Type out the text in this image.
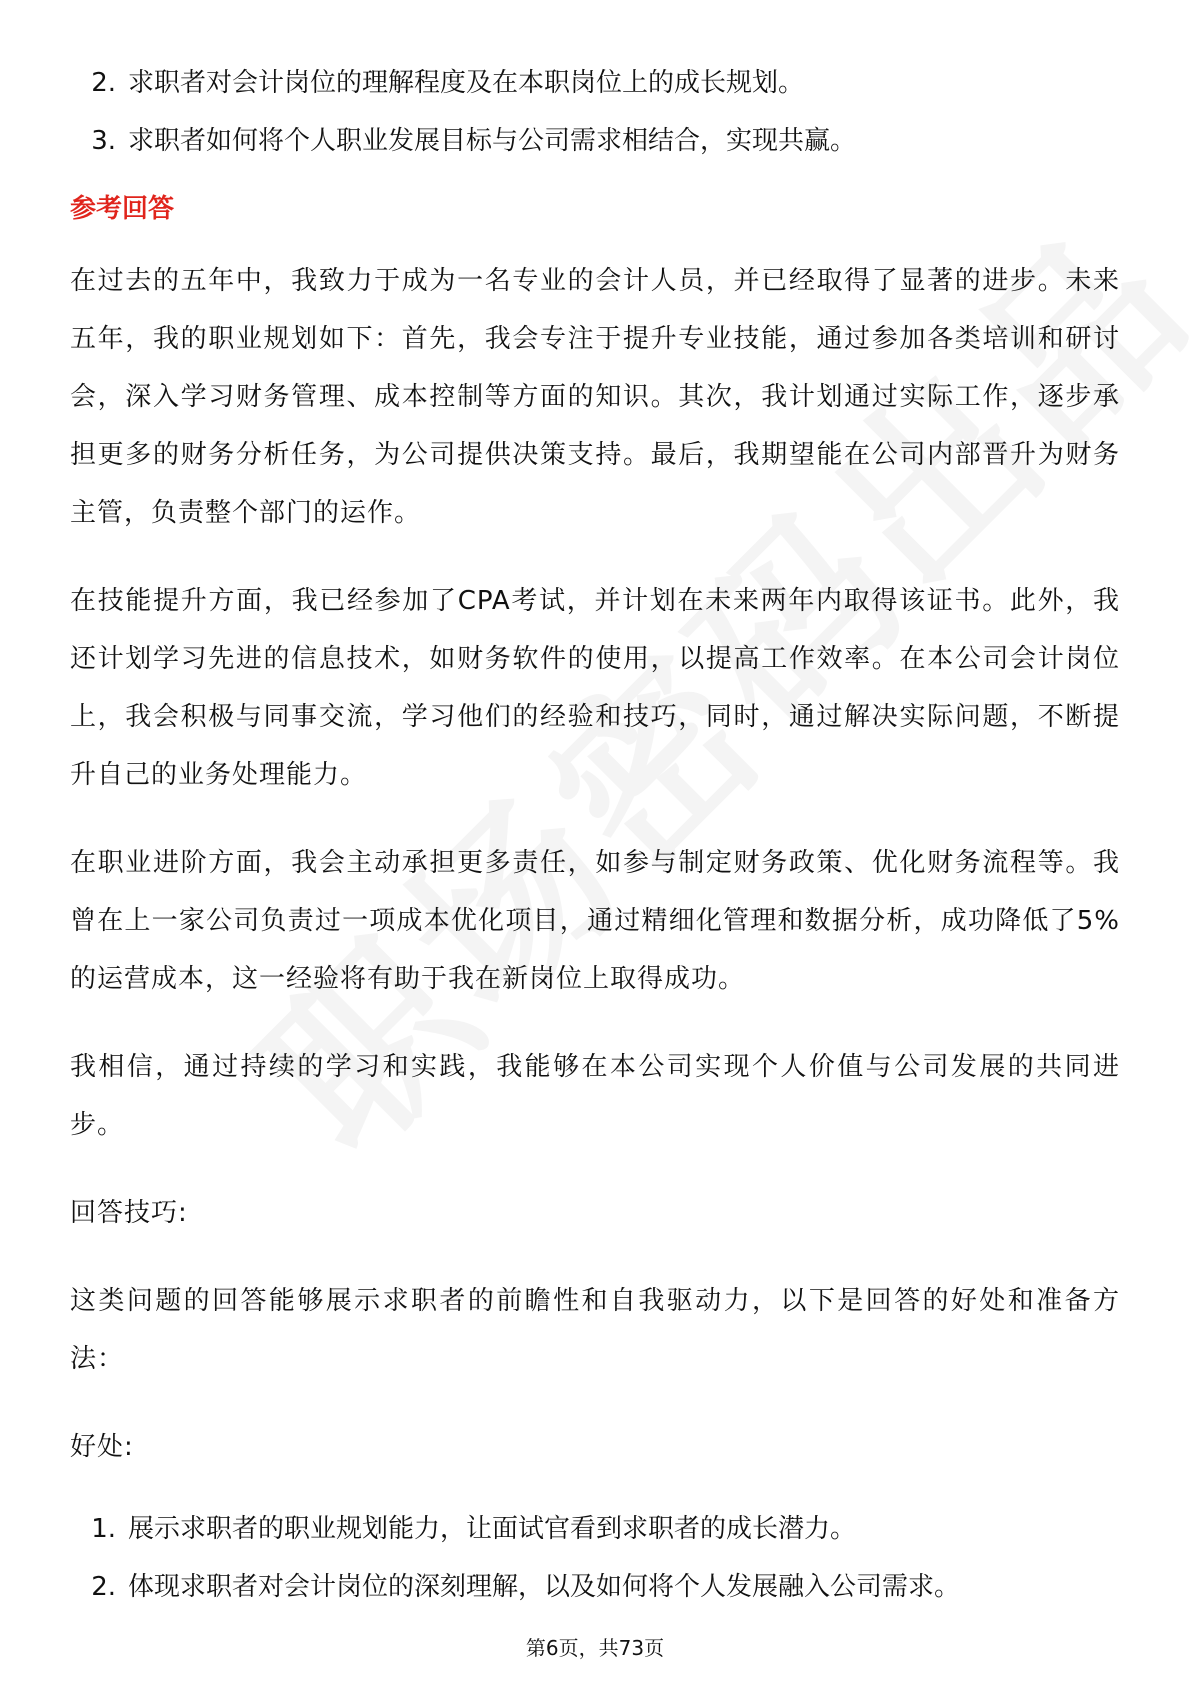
2. 求职者对会计岗位的理解程度及在本职岗位上的成长规划。
3. 求职者如何将个人职业发展目标与公司需求相结合，实现共赢。
参考回答

在过去的五年中，我致力于成为一名专业的会计人员，并已经取得了显著的进步。未来五年，我的职业规划如下：首先，我会专注于提升专业技能，通过参加各类培训和研讨会，深入学习财务管理、成本控制等方面的知识。其次，我计划通过实际工作，逐步承担更多的财务分析任务，为公司提供决策支持。最后，我期望能在公司内部晋升为财务主管，负责整个部门的运作。

在技能提升方面，我已经参加了CPA考试，并计划在未来两年内取得该证书。此外，我还计划学习先进的信息技术，如财务软件的使用，以提高工作效率。在本公司会计岗位上，我会积极与同事交流，学习他们的经验和技巧，同时，通过解决实际问题，不断提升自己的业务处理能力。

在职业进阶方面，我会主动承担更多责任，如参与制定财务政策、优化财务流程等。我曾在上一家公司负责过一项成本优化项目，通过精细化管理和数据分析，成功降低了5%的运营成本，这一经验将有助于我在新岗位上取得成功。

我相信，通过持续的学习和实践，我能够在本公司实现个人价值与公司发展的共同进步。

回答技巧:

这类问题的回答能够展示求职者的前瞻性和自我驱动力，以下是回答的好处和准备方法：

好处:

1. 展示求职者的职业规划能力，让面试官看到求职者的成长潜力。
2. 体现求职者对会计岗位的深刻理解，以及如何将个人发展融入公司需求。
第6页，共73页
